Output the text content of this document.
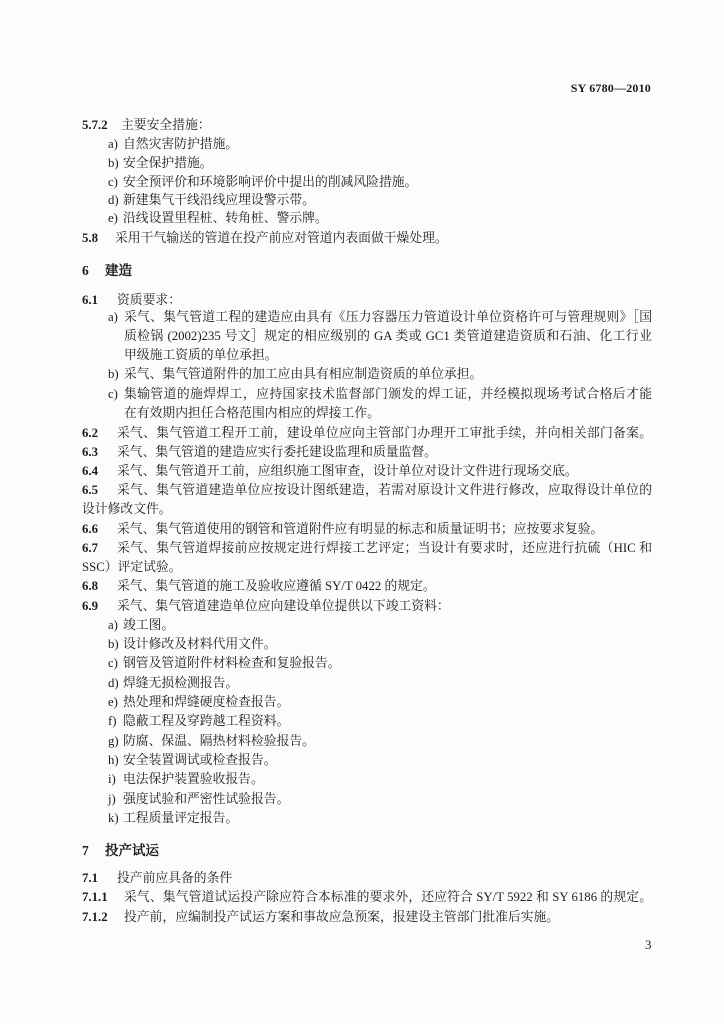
SY 6780—2010
5.7.2 主要安全措施：
a) 自然灾害防护措施。
b) 安全保护措施。
c) 安全预评价和环境影响评价中提出的削减风险措施。
d) 新建集气干线沿线应埋设警示带。
e) 沿线设置里程桩、转角桩、警示牌。
5.8 采用干气输送的管道在投产前应对管道内表面做干燥处理。
6 建造
6.1 资质要求：
a) 采气、集气管道工程的建造应由具有《压力容器压力管道设计单位资格许可与管理规则》［国
质检锅 (2002)235 号文］规定的相应级别的 GA 类或 GC1 类管道建造资质和石油、化工行业
甲级施工资质的单位承担。
b) 采气、集气管道附件的加工应由具有相应制造资质的单位承担。
c) 集输管道的施焊焊工，应持国家技术监督部门颁发的焊工证，并经模拟现场考试合格后才能
在有效期内担任合格范围内相应的焊接工作。
6.2 采气、集气管道工程开工前，建设单位应向主管部门办理开工审批手续，并向相关部门备案。
6.3 采气、集气管道的建造应实行委托建设监理和质量监督。
6.4 采气、集气管道开工前，应组织施工图审查，设计单位对设计文件进行现场交底。
6.5 采气、集气管道建造单位应按设计图纸建造，若需对原设计文件进行修改，应取得设计单位的
设计修改文件。
6.6 采气、集气管道使用的钢管和管道附件应有明显的标志和质量证明书；应按要求复验。
6.7 采气、集气管道焊接前应按规定进行焊接工艺评定；当设计有要求时，还应进行抗硫（HIC 和
SSC）评定试验。
6.8 采气、集气管道的施工及验收应遵循 SY/T 0422 的规定。
6.9 采气、集气管道建造单位应向建设单位提供以下竣工资料：
a) 竣工图。
b) 设计修改及材料代用文件。
c) 钢管及管道附件材料检查和复验报告。
d) 焊缝无损检测报告。
e) 热处理和焊缝硬度检查报告。
f) 隐蔽工程及穿跨越工程资料。
g) 防腐、保温、隔热材料检验报告。
h) 安全装置调试或检查报告。
i) 电法保护装置验收报告。
j) 强度试验和严密性试验报告。
k) 工程质量评定报告。
7 投产试运
7.1 投产前应具备的条件
7.1.1 采气、集气管道试运投产除应符合本标准的要求外，还应符合 SY/T 5922 和 SY 6186 的规定。
7.1.2 投产前，应编制投产试运方案和事故应急预案，报建设主管部门批准后实施。
3
